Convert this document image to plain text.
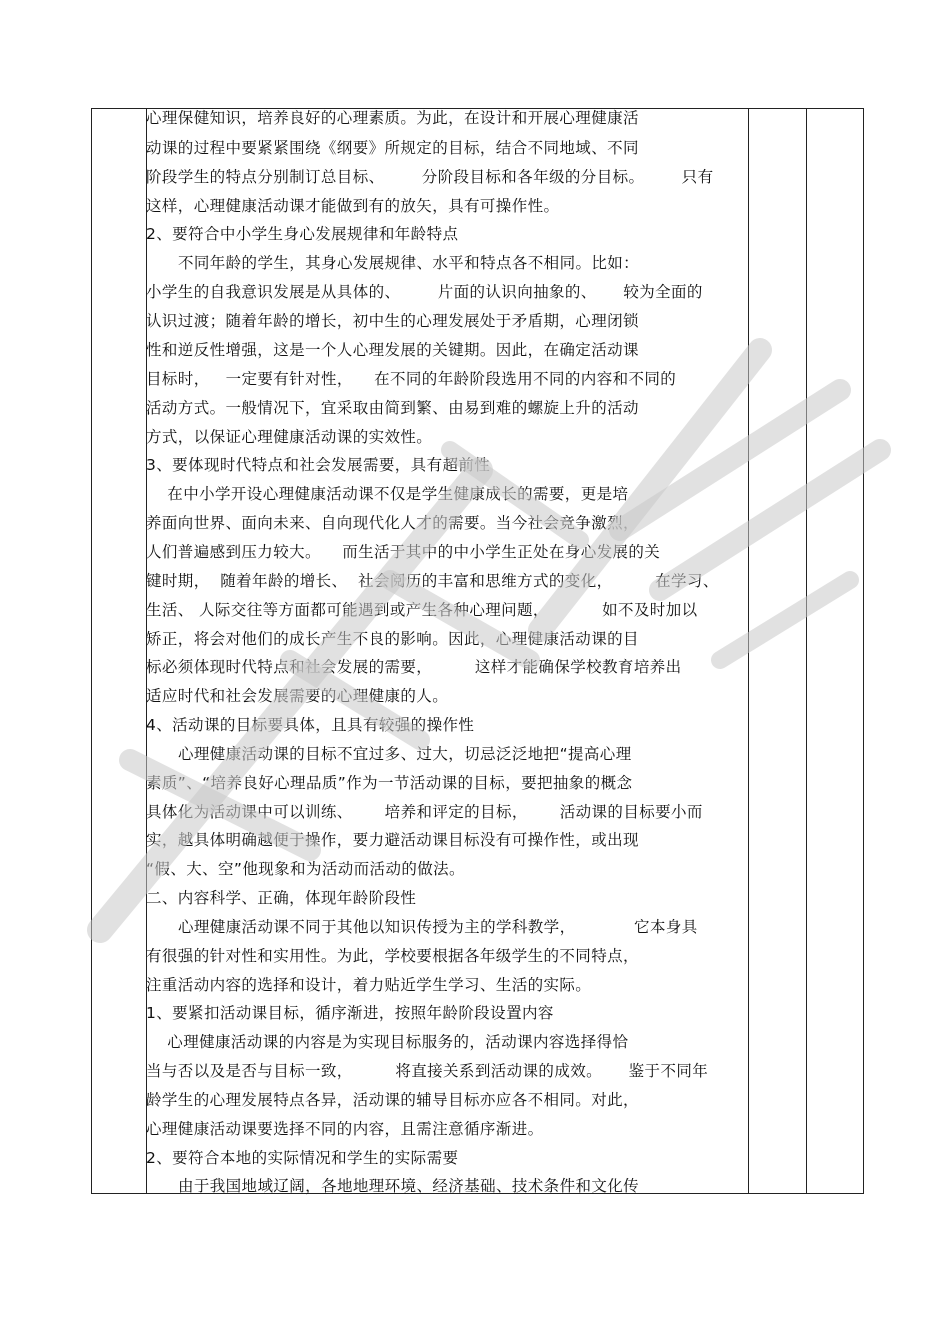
心理保健知识，培养良好的心理素质。为此，在设计和开展心理健康活
动课的过程中要紧紧围绕《纲要》所规定的目标，结合不同地域、不同
阶段学生的特点分别制订总目标、       分阶段目标和各年级的分目标。       只有
这样，心理健康活动课才能做到有的放矢，具有可操作性。
2、要符合中小学生身心发展规律和年龄特点
不同年龄的学生，其身心发展规律、水平和特点各不相同。比如：
小学生的自我意识发展是从具体的、       片面的认识向抽象的、     较为全面的
认识过渡；随着年龄的增长，初中生的心理发展处于矛盾期，心理闭锁
性和逆反性增强，这是一个人心理发展的关键期。因此，在确定活动课
目标时，   一定要有针对性，    在不同的年龄阶段选用不同的内容和不同的
活动方式。一般情况下，宜采取由简到繁、由易到难的螺旋上升的活动
方式，以保证心理健康活动课的实效性。
3、要体现时代特点和社会发展需要，具有超前性
在中小学开设心理健康活动课不仅是学生健康成长的需要，更是培
养面向世界、面向未来、自向现代化人才的需要。当今社会竞争激烈，
人们普遍感到压力较大。    而生活于其中的中小学生正处在身心发展的关
键时期，  随着年龄的增长、  社会阅历的丰富和思维方式的变化，        在学习、
生活、 人际交往等方面都可能遇到或产生各种心理问题，          如不及时加以
矫正，将会对他们的成长产生不良的影响。因此，心理健康活动课的目
标必须体现时代特点和社会发展的需要，        这样才能确保学校教育培养出
适应时代和社会发展需要的心理健康的人。
4、活动课的目标要具体，且具有较强的操作性
心理健康活动课的目标不宜过多、过大，切忌泛泛地把“提高心理
素质”、“培养良好心理品质”作为一节活动课的目标，要把抽象的概念
具体化为活动课中可以训练、      培养和评定的目标，      活动课的目标要小而
实，越具体明确越便于操作，要力避活动课目标没有可操作性，或出现
“假、大、空”他现象和为活动而活动的做法。
二、内容科学、正确，体现年龄阶段性
心理健康活动课不同于其他以知识传授为主的学科教学，           它本身具
有很强的针对性和实用性。为此，学校要根据各年级学生的不同特点，
注重活动内容的选择和设计，着力贴近学生学习、生活的实际。
1、要紧扣活动课目标，循序渐进，按照年龄阶段设置内容
心理健康活动课的内容是为实现目标服务的，活动课内容选择得恰
当与否以及是否与目标一致，        将直接关系到活动课的成效。     鉴于不同年
龄学生的心理发展特点各异，活动课的辅导目标亦应各不相同。对此，
心理健康活动课要选择不同的内容，且需注意循序渐进。
2、要符合本地的实际情况和学生的实际需要
由于我国地域辽阔，各地地理环境、经济基础、技术条件和文化传
